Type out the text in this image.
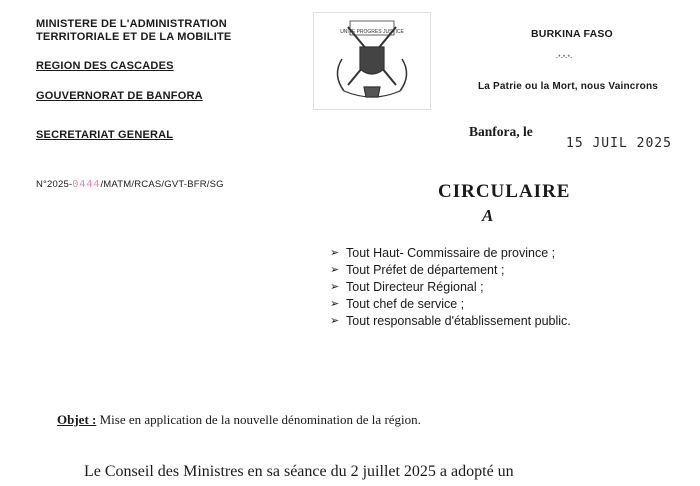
MINISTERE DE L'ADMINISTRATION
TERRITORIALE ET DE LA MOBILITE
REGION DES CASCADES
GOUVERNORAT DE BANFORA
SECRETARIAT GENERAL
N°2025-0444/MATM/RCAS/GVT-BFR/SG
UNITE PROGRES JUSTICE	BURKINA FASO
-*-*-*-
La Patrie ou la Mort, nous Vaincrons
Banfora, le
15 JUIL 2025
CIRCULAIRE
A
➢ Tout Haut- Commissaire de province ;
➢ Tout Préfet de département ;
➢ Tout Directeur Régional ;
➢ Tout chef de service ;
➢ Tout responsable d'établissement public.
Objet : Mise en application de la nouvelle dénomination de la région.
Le Conseil des Ministres en sa séance du 2 juillet 2025 a adopté un
